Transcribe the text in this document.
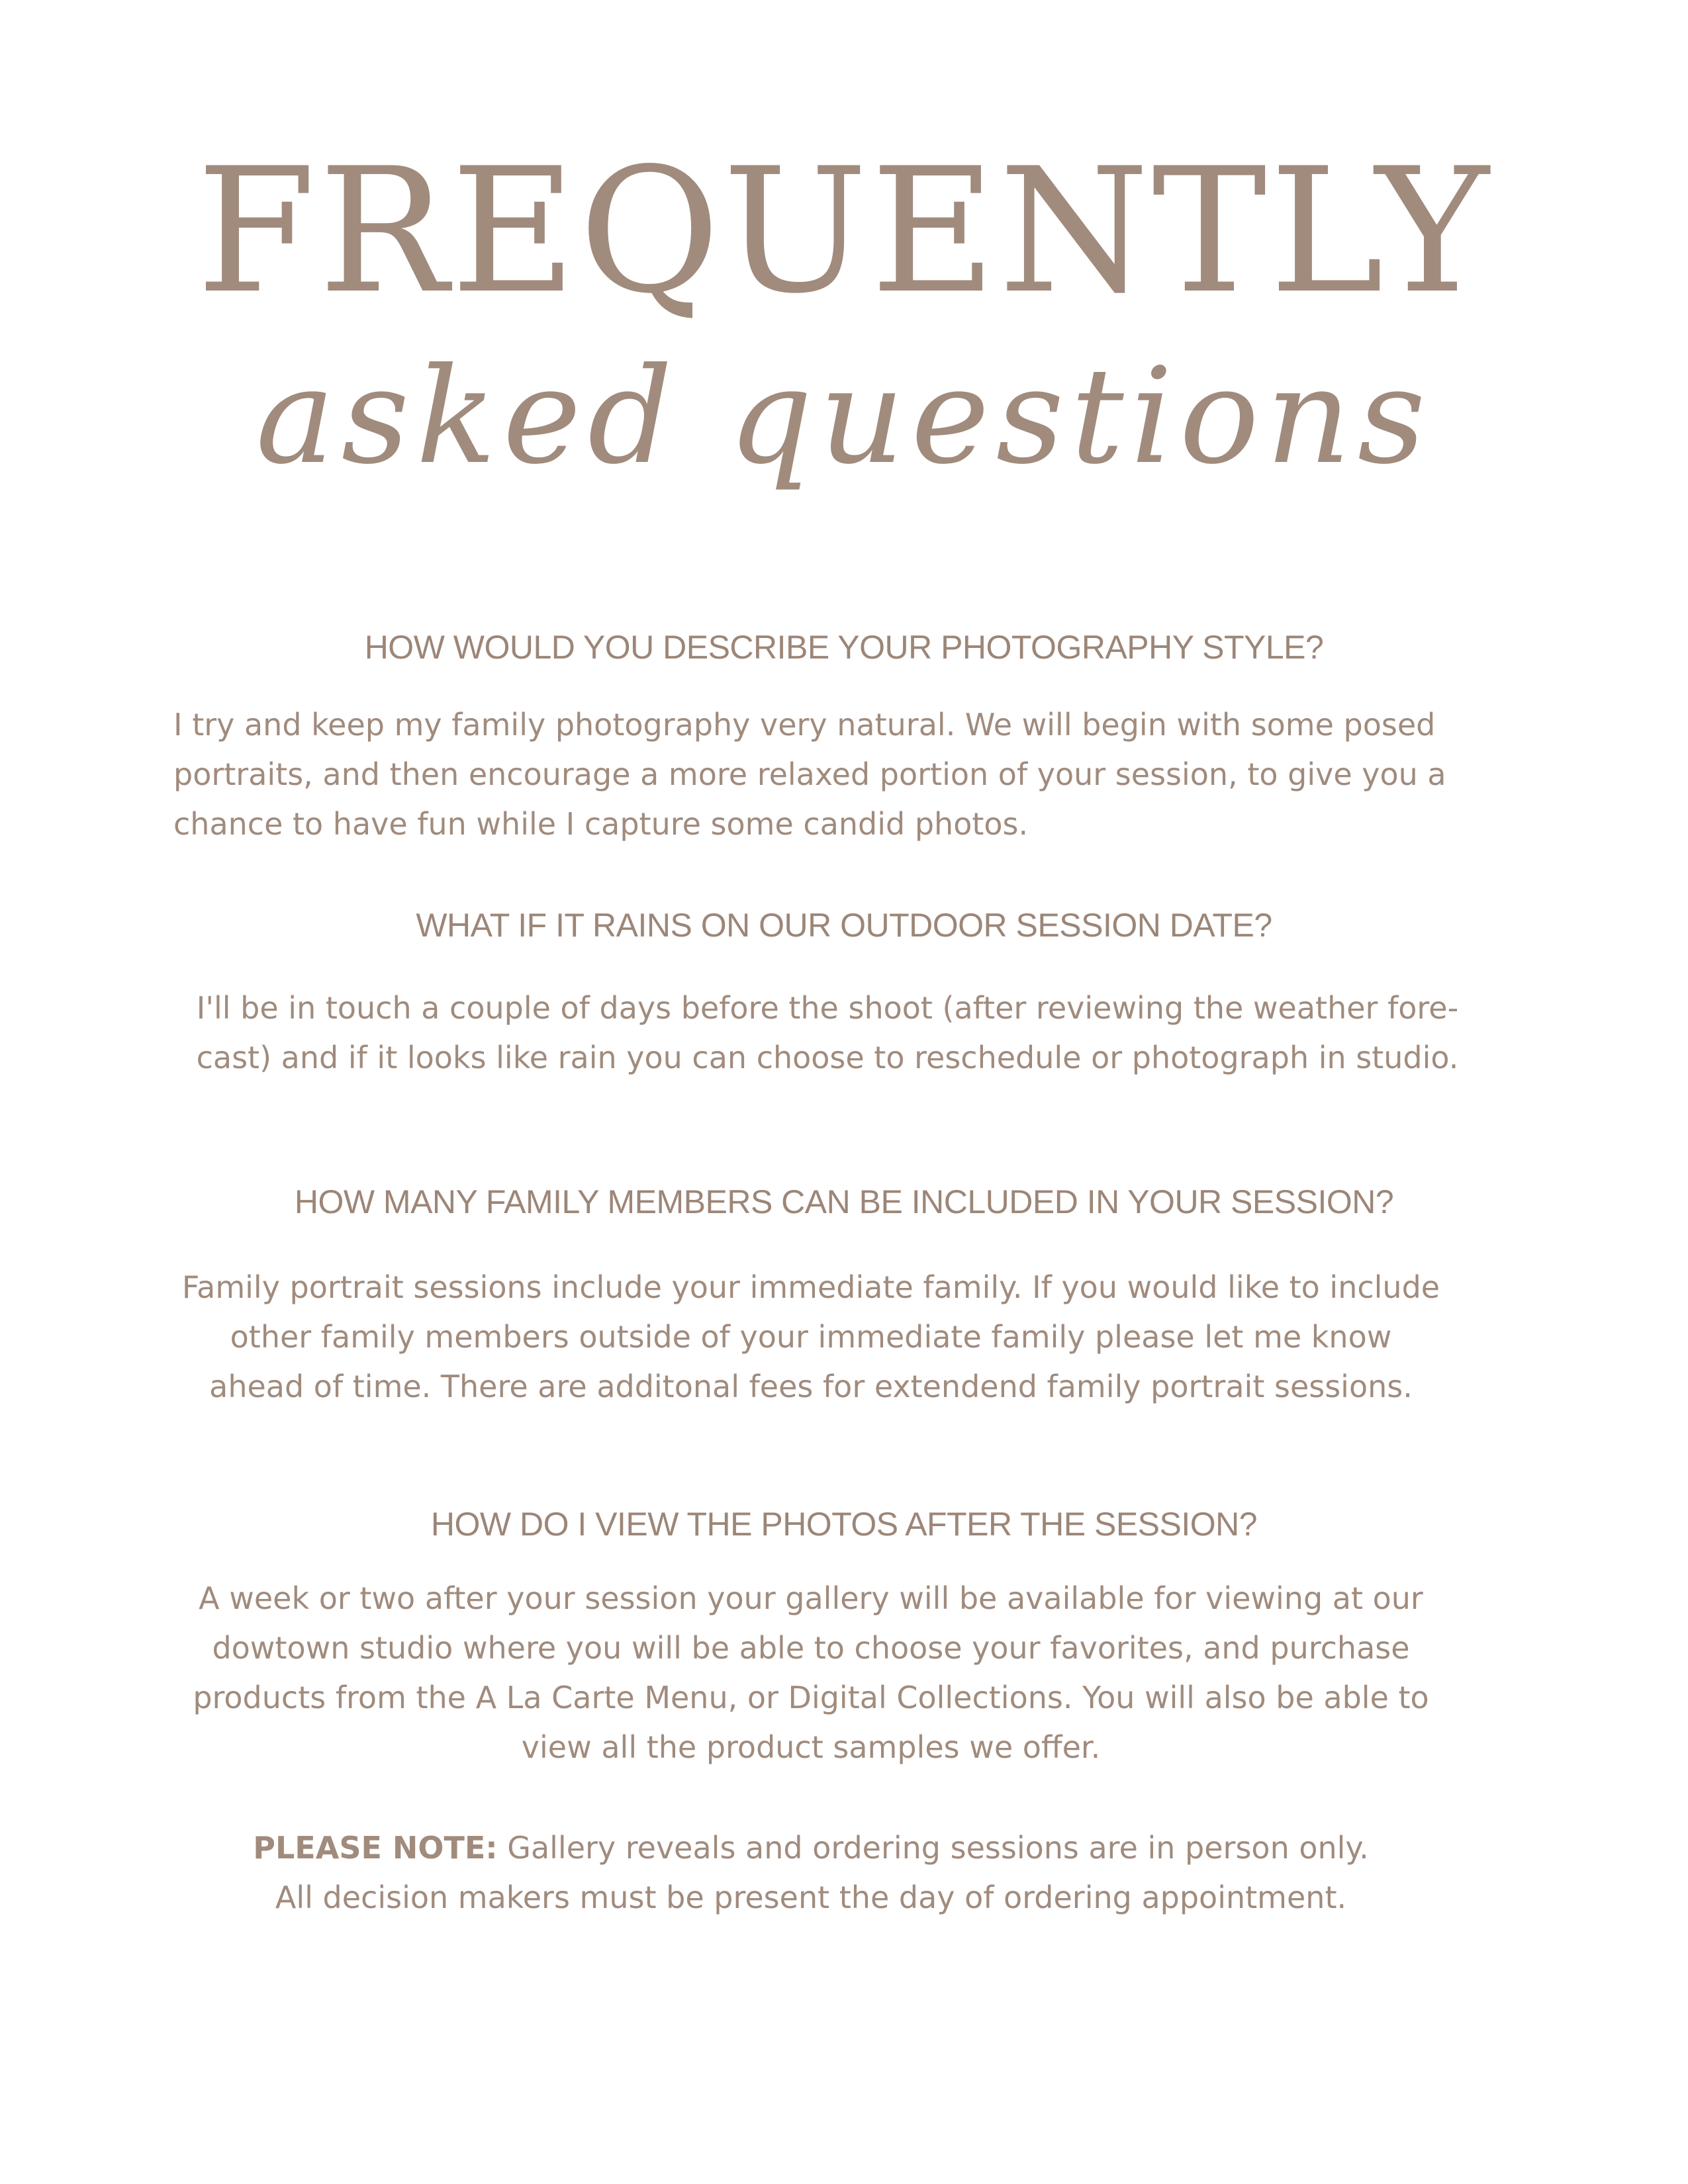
FREQUENTLY
asked questions
HOW WOULD YOU DESCRIBE YOUR PHOTOGRAPHY STYLE?

I try and keep my family photography very natural. We will begin with some posed

portraits, and then encourage a more relaxed portion of your session, to give you a

chance to have fun while I capture some candid photos.

WHAT IF IT RAINS ON OUR OUTDOOR SESSION DATE?

I'll be in touch a couple of days before the shoot (after reviewing the weather fore-

cast) and if it looks like rain you can choose to reschedule or photograph in studio.

HOW MANY FAMILY MEMBERS CAN BE INCLUDED IN YOUR SESSION?

Family portrait sessions include your immediate family. If you would like to include

other family members outside of your immediate family please let me know

ahead of time. There are additonal fees for extendend family portrait sessions.

HOW DO I VIEW THE PHOTOS AFTER THE SESSION?

A week or two after your session your gallery will be available for viewing at our

dowtown studio where you will be able to choose your favorites, and purchase

products from the A La Carte Menu, or Digital Collections. You will also be able to

view all the product samples we offer.

PLEASE NOTE: Gallery reveals and ordering sessions are in person only.

All decision makers must be present the day of ordering appointment.
